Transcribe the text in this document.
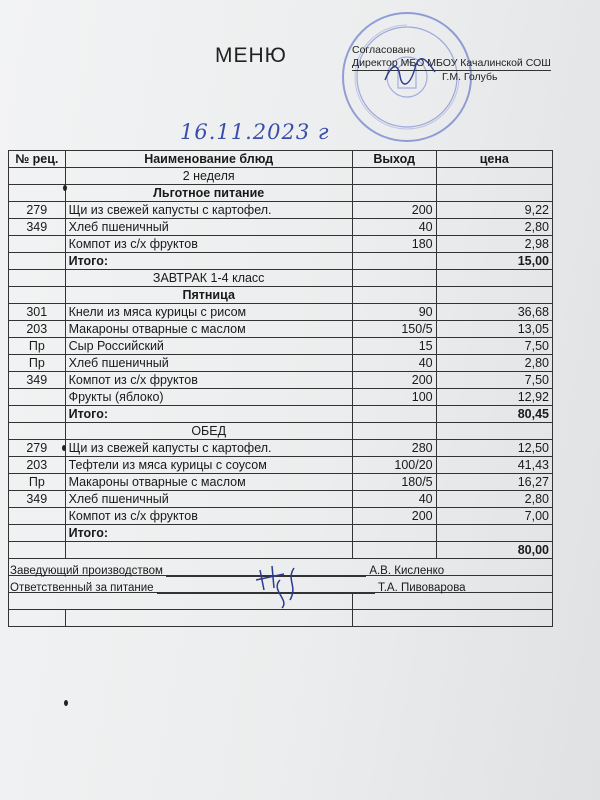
МЕНЮ	Согласовано
Директор МБО МБОУ Качалинской СОШ
Г.М. Голубь
16.11.2023 г
№ рец.	Наименование блюд	Выход	цена
	2 неделя		
	Льготное питание		
279	Щи из свежей капусты с картофел.	200	9,22
349	Хлеб пшеничный	40	2,80
	Компот из с/х фруктов	180	2,98
	Итого:		15,00
	ЗАВТРАК 1-4 класс		
	Пятница		
301	Кнели из мяса курицы с рисом	90	36,68
203	Макароны отварные с маслом	150/5	13,05
Пр	Сыр Российский	15	7,50
Пр	Хлеб пшеничный	40	2,80
349	Компот из с/х фруктов	200	7,50
	Фрукты (яблоко)	100	12,92
	Итого:		80,45
	ОБЕД		
279	Щи из свежей капусты с картофел.	280	12,50
203	Тефтели из мяса курицы с соусом	100/20	41,43
Пр	Макароны отварные с маслом	180/5	16,27
349	Хлеб пшеничный	40	2,80
	Компот из с/х фруктов	200	7,00
	Итого:		
			80,00

Заведующий производством	А.В. Кисленко
Ответственный за питание	Т.А. Пивоварова
